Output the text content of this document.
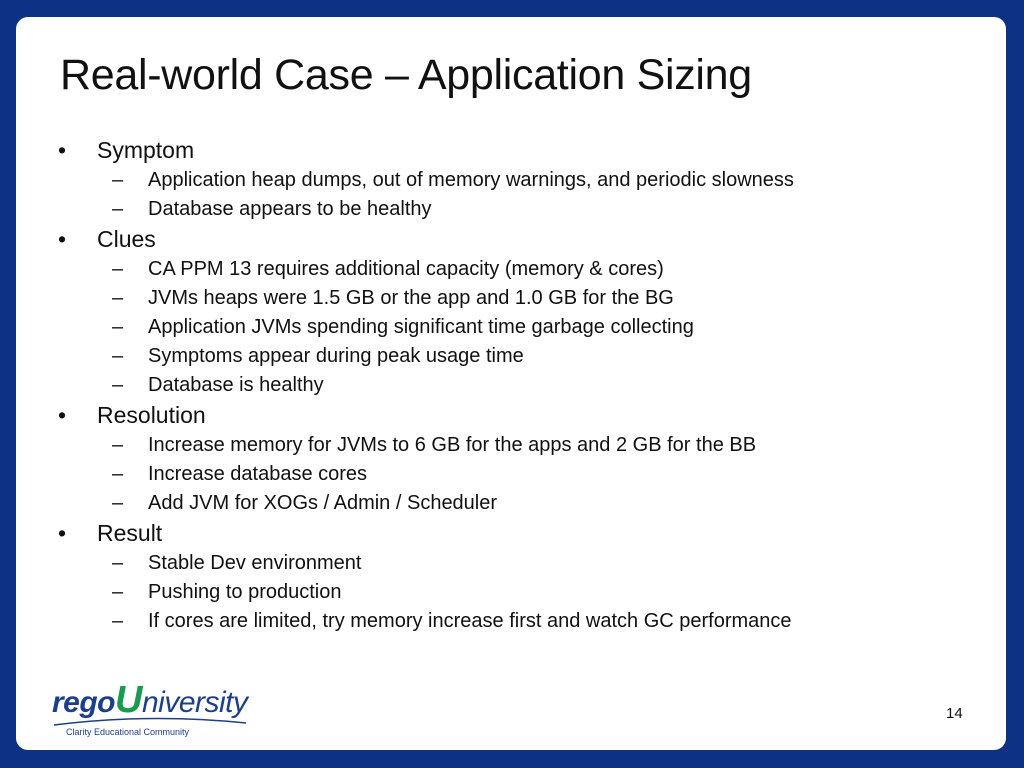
Real-world Case – Application Sizing
• Symptom
– Application heap dumps, out of memory warnings, and periodic slowness
– Database appears to be healthy
• Clues
– CA PPM 13 requires additional capacity (memory & cores)
– JVMs heaps were 1.5 GB or the app and 1.0 GB for the BG
– Application JVMs spending significant time garbage collecting
– Symptoms appear during peak usage time
– Database is healthy
• Resolution
– Increase memory for JVMs to 6 GB for the apps and 2 GB for the BB
– Increase database cores
– Add JVM for XOGs / Admin / Scheduler
• Result
– Stable Dev environment
– Pushing to production
– If cores are limited, try memory increase first and watch GC performance
regoUniversity
Clarity Educational Community
14
